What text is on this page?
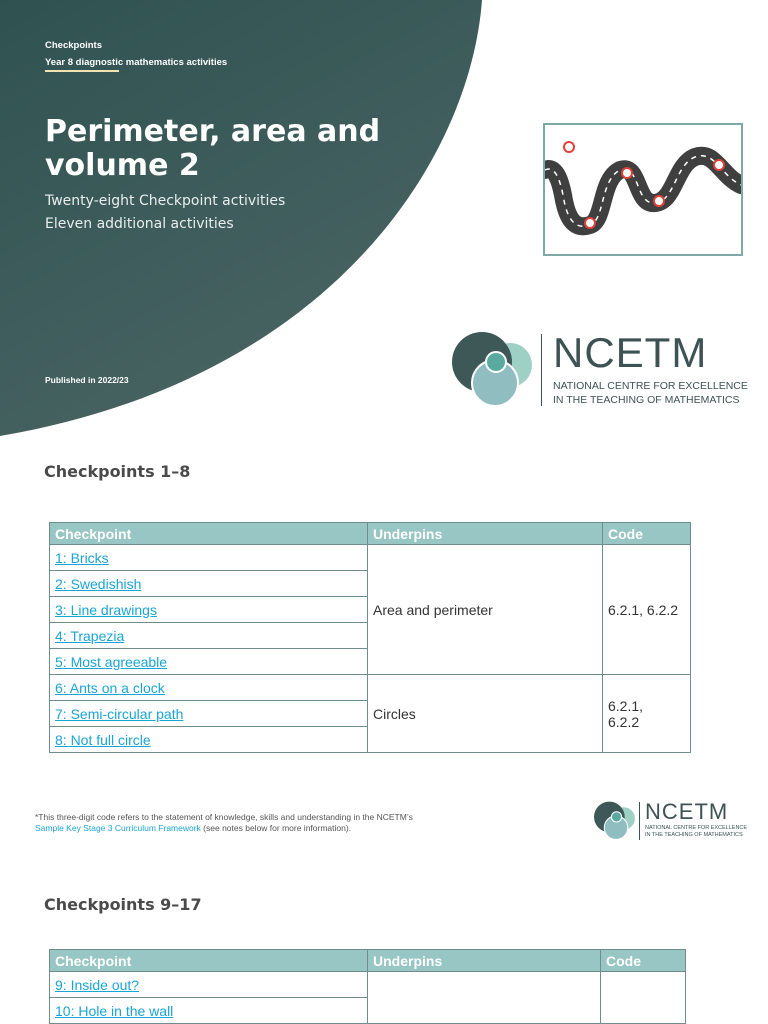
Checkpoints
Year 8 diagnostic mathematics activities
Perimeter, area and volume 2
Twenty-eight Checkpoint activities
Eleven additional activities
Published in 2022/23
NCETM
NATIONAL CENTRE FOR EXCELLENCE
IN THE TEACHING OF MATHEMATICS
Checkpoints 1–8
Checkpoint	Underpins	Code
1: Bricks	Area and perimeter	6.2.1, 6.2.2
2: Swedishish		
3: Line drawings		
4: Trapezia		
5: Most agreeable		
6: Ants on a clock	Circles	6.2.1,
6.2.2

7: Semi-circular path		
8: Not full circle		
*This three-digit code refers to the statement of knowledge, skills and understanding in the NCETM’s
Sample Key Stage 3 Curriculum Framework (see notes below for more information).
NCETM
NATIONAL CENTRE FOR EXCELLENCE
IN THE TEACHING OF MATHEMATICS
Checkpoints 9–17
Checkpoint	Underpins	Code
9: Inside out?		
10: Hole in the wall		
